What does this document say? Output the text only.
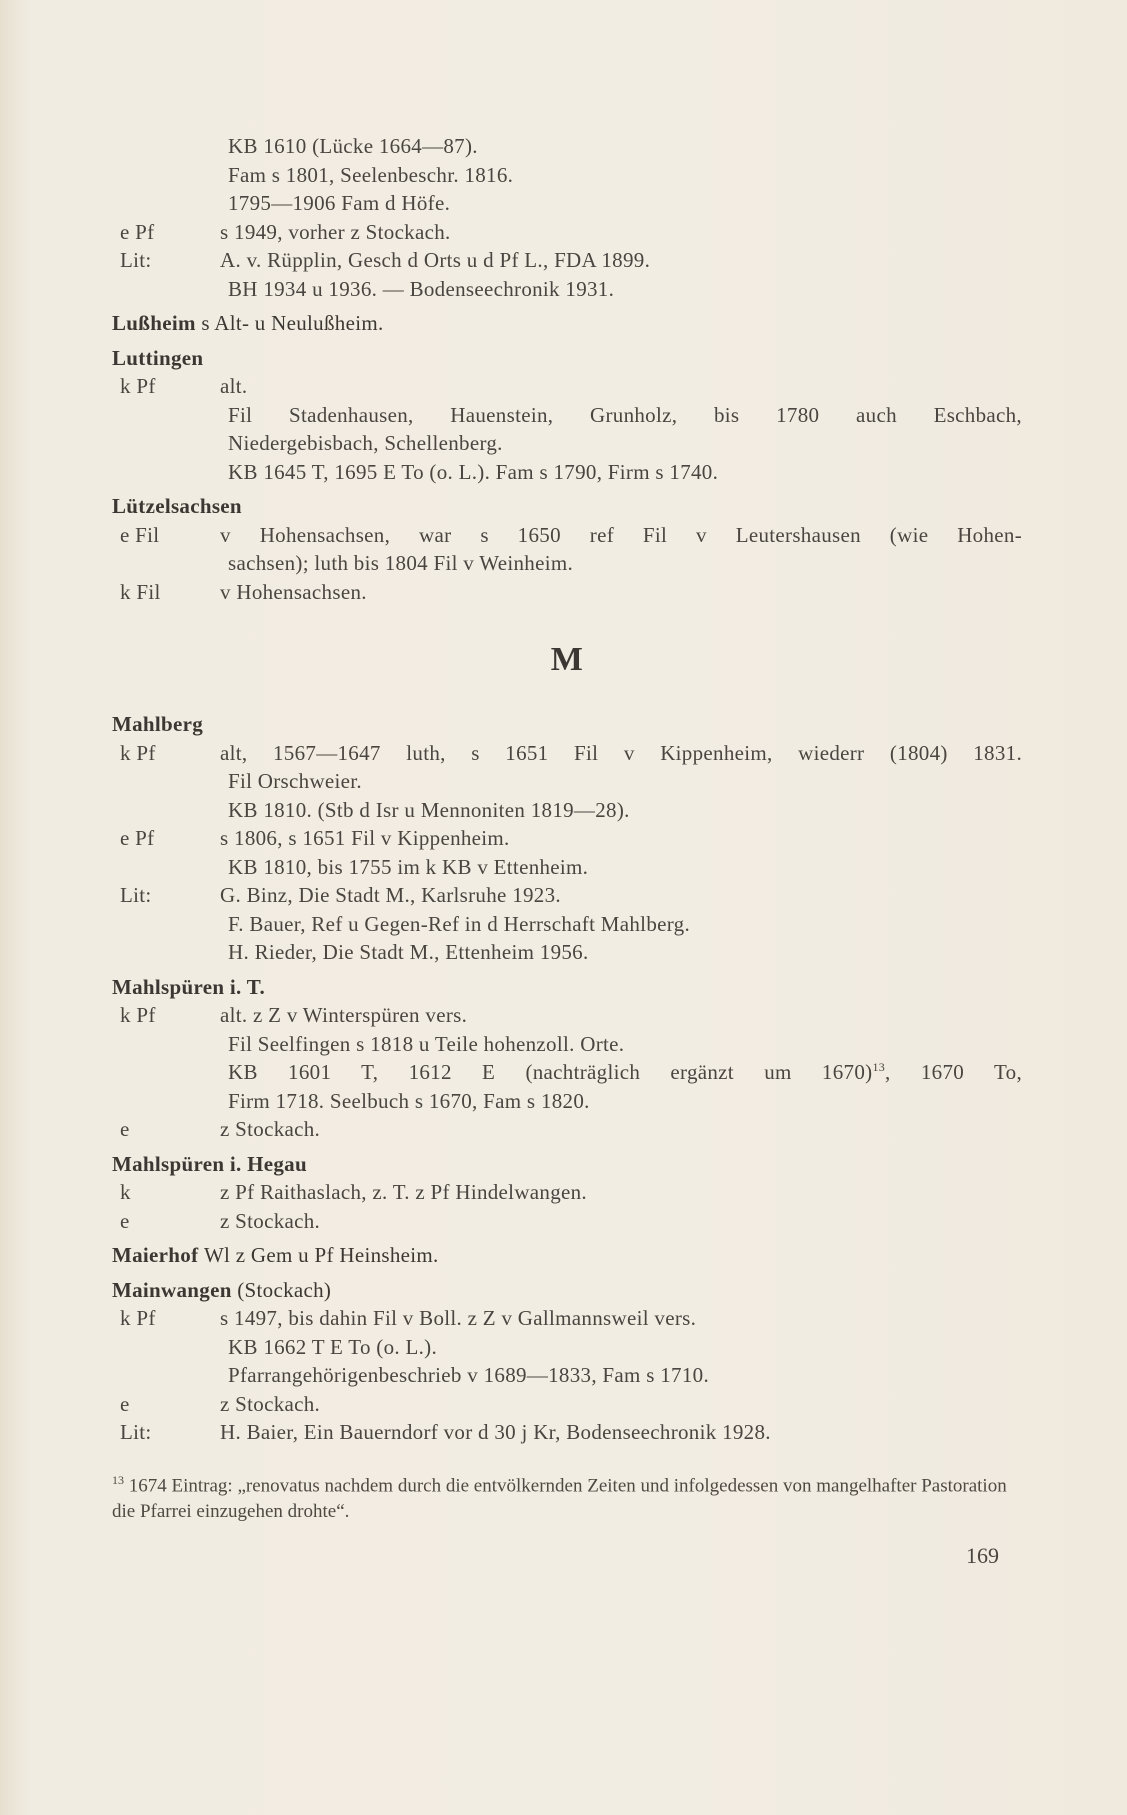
KB 1610 (Lücke 1664—87).
Fam s 1801, Seelenbeschr. 1816.
1795—1906 Fam d Höfe.
e Pf	s 1949, vorher z Stockach.
Lit:	A. v. Rüpplin, Gesch d Orts u d Pf L., FDA 1899.
BH 1934 u 1936. — Bodenseechronik 1931.
Lußheim s Alt- u Neulußheim.
Luttingen
k Pf	alt.
Fil Stadenhausen, Hauenstein, Grunholz, bis 1780 auch Eschbach,
Niedergebisbach, Schellenberg.
KB 1645 T, 1695 E To (o. L.). Fam s 1790, Firm s 1740.
Lützelsachsen
e Fil	v Hohensachsen, war s 1650 ref Fil v Leutershausen (wie Hohen-
sachsen); luth bis 1804 Fil v Weinheim.
k Fil	v Hohensachsen.
M
Mahlberg
k Pf	alt, 1567—1647 luth, s 1651 Fil v Kippenheim, wiederr (1804) 1831.
Fil Orschweier.
KB 1810. (Stb d Isr u Mennoniten 1819—28).
e Pf	s 1806, s 1651 Fil v Kippenheim.
KB 1810, bis 1755 im k KB v Ettenheim.
Lit:	G. Binz, Die Stadt M., Karlsruhe 1923.
F. Bauer, Ref u Gegen-Ref in d Herrschaft Mahlberg.
H. Rieder, Die Stadt M., Ettenheim 1956.
Mahlspüren i. T.
k Pf	alt. z Z v Winterspüren vers.
Fil Seelfingen s 1818 u Teile hohenzoll. Orte.
KB 1601 T, 1612 E (nachträglich ergänzt um 1670)$^{13}$, 1670 To,
Firm 1718. Seelbuch s 1670, Fam s 1820.
e	z Stockach.
Mahlspüren i. Hegau
k	z Pf Raithaslach, z. T. z Pf Hindelwangen.
e	z Stockach.
Maierhof Wl z Gem u Pf Heinsheim.
Mainwangen (Stockach)
k Pf	s 1497, bis dahin Fil v Boll. z Z v Gallmannsweil vers.
KB 1662 T E To (o. L.).
Pfarrangehörigenbeschrieb v 1689—1833, Fam s 1710.
e	z Stockach.
Lit:	H. Baier, Ein Bauerndorf vor d 30 j Kr, Bodenseechronik 1928.
$^{13}$ 1674 Eintrag: „renovatus nachdem durch die entvölkernden Zeiten und infolgedessen von mangelhafter Pastoration die Pfarrei einzugehen drohte“.
169
